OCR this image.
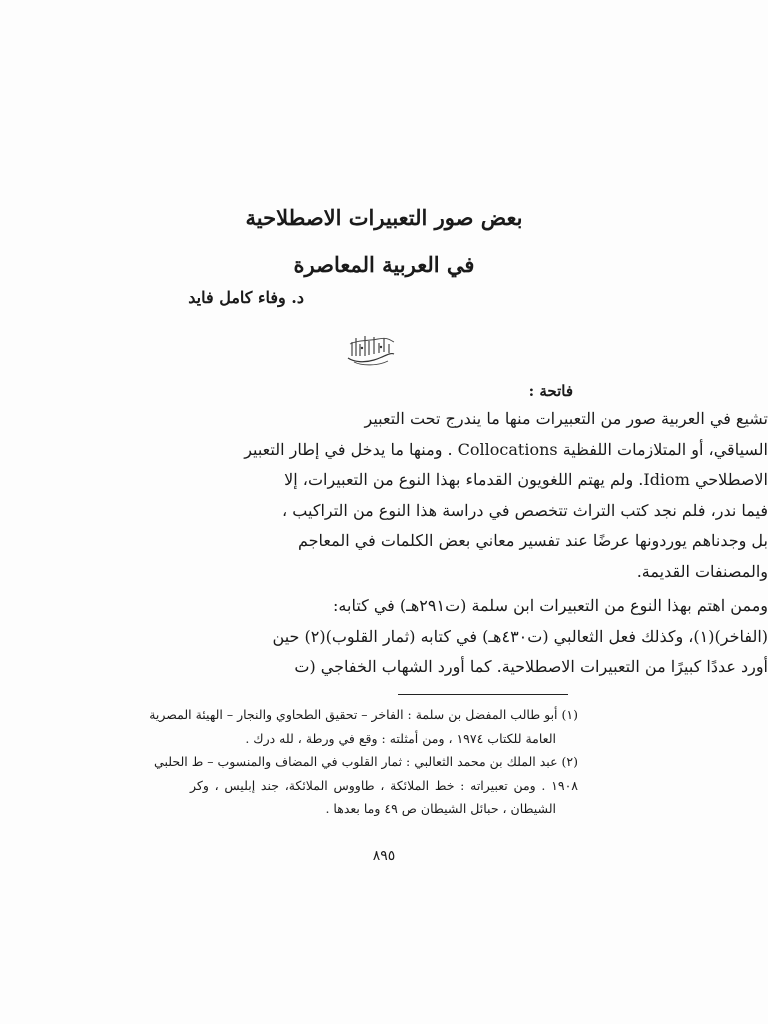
بعض صور التعبيرات الاصطلاحية
في العربية المعاصرة
د. وفاء كامل فايد
فاتحة :
تشيع في العربية صور من التعبيرات منها ما يندرج تحت التعبير
السياقي، أو المتلازمات اللفظية Collocations . ومنها ما يدخل في إطار التعبير
الاصطلاحي Idiom. ولم يهتم اللغويون القدماء بهذا النوع من التعبيرات، إلا
فيما ندر، فلم نجد كتب التراث تتخصص في دراسة هذا النوع من التراكيب ،
بل وجدناهم يوردونها عرضًا عند تفسير معاني بعض الكلمات في المعاجم
والمصنفات القديمة.
وممن اهتم بهذا النوع من التعبيرات ابن سلمة (ت٢٩١هـ) في كتابه:
(الفاخر)(١)، وكذلك فعل الثعالبي (ت٤٣٠هـ) في كتابه (ثمار القلوب)(٢) حين
أورد عددًا كبيرًا من التعبيرات الاصطلاحية. كما أورد الشهاب الخفاجي (ت
(١) أبو طالب المفضل بن سلمة : الفاخر – تحقيق الطحاوي والنجار – الهيئة المصرية
العامة للكتاب ١٩٧٤ ، ومن أمثلته : وقع في ورطة ، لله درك .
(٢) عبد الملك بن محمد الثعالبي : ثمار القلوب في المضاف والمنسوب – ط الحلبي
١٩٠٨ . ومن تعبيراته : خط الملائكة ، طاووس الملائكة، جند إبليس ، وكر
الشيطان ، حبائل الشيطان ص ٤٩ وما بعدها .
٨٩٥
